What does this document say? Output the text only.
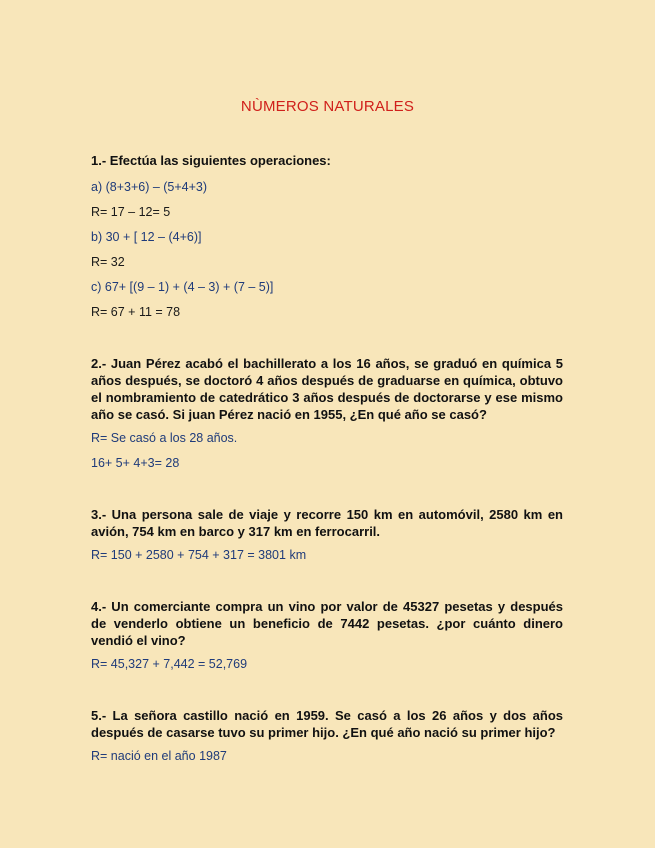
NÙMEROS NATURALES

1.- Efectúa las siguientes operaciones:

a) (8+3+6) – (5+4+3)

R= 17 – 12= 5

b) 30 + [ 12 – (4+6)]

R= 32

c) 67+ [(9 – 1) + (4 – 3) + (7 – 5)]

R= 67 + 11 = 78

2.- Juan Pérez acabó el bachillerato a los 16 años, se graduó en química 5 años después, se doctoró 4 años después de graduarse en química, obtuvo el nombramiento de catedrático 3 años después de doctorarse y ese mismo año se casó. Si juan Pérez nació en 1955, ¿En qué año se casó?

R= Se casó a los 28 años.

16+ 5+ 4+3= 28

3.- Una persona sale de viaje y recorre 150 km en automóvil, 2580 km en avión, 754 km en barco y 317 km en ferrocarril.

R= 150 + 2580 + 754 + 317 = 3801 km

4.- Un comerciante compra un vino por valor de 45327 pesetas y después de venderlo obtiene un beneficio de 7442 pesetas. ¿por cuánto dinero vendió el vino?

R= 45,327 + 7,442 = 52,769

5.- La señora castillo nació en 1959. Se casó a los 26 años y dos años después de casarse tuvo su primer hijo. ¿En qué año nació su primer hijo?

R= nació en el año 1987
